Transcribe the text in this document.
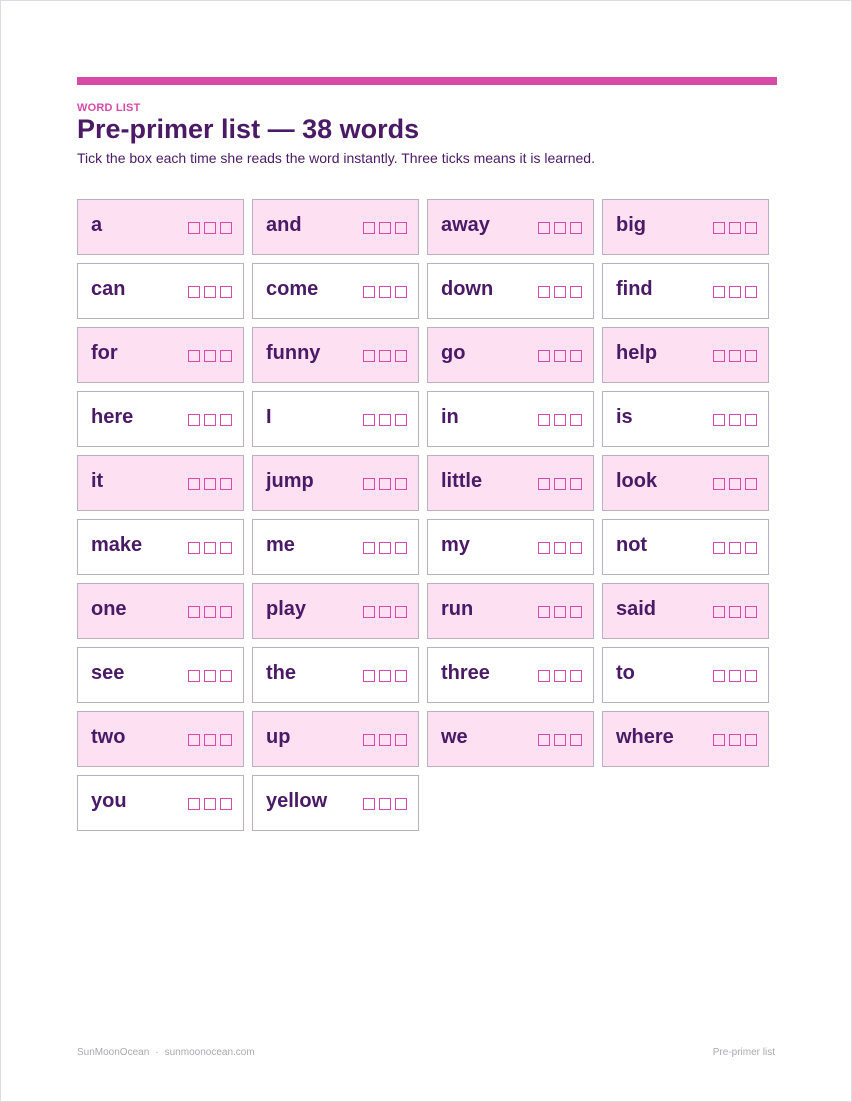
WORD LIST
Pre-primer list — 38 words
Tick the box each time she reads the word instantly. Three ticks means it is learned.
a	and	away	big
can	come	down	find
for	funny	go	help
here	I	in	is
it	jump	little	look
make	me	my	not
one	play	run	said
see	the	three	to
two	up	we	where
you	yellow
SunMoonOcean · sunmoonocean.com	Pre-primer list
